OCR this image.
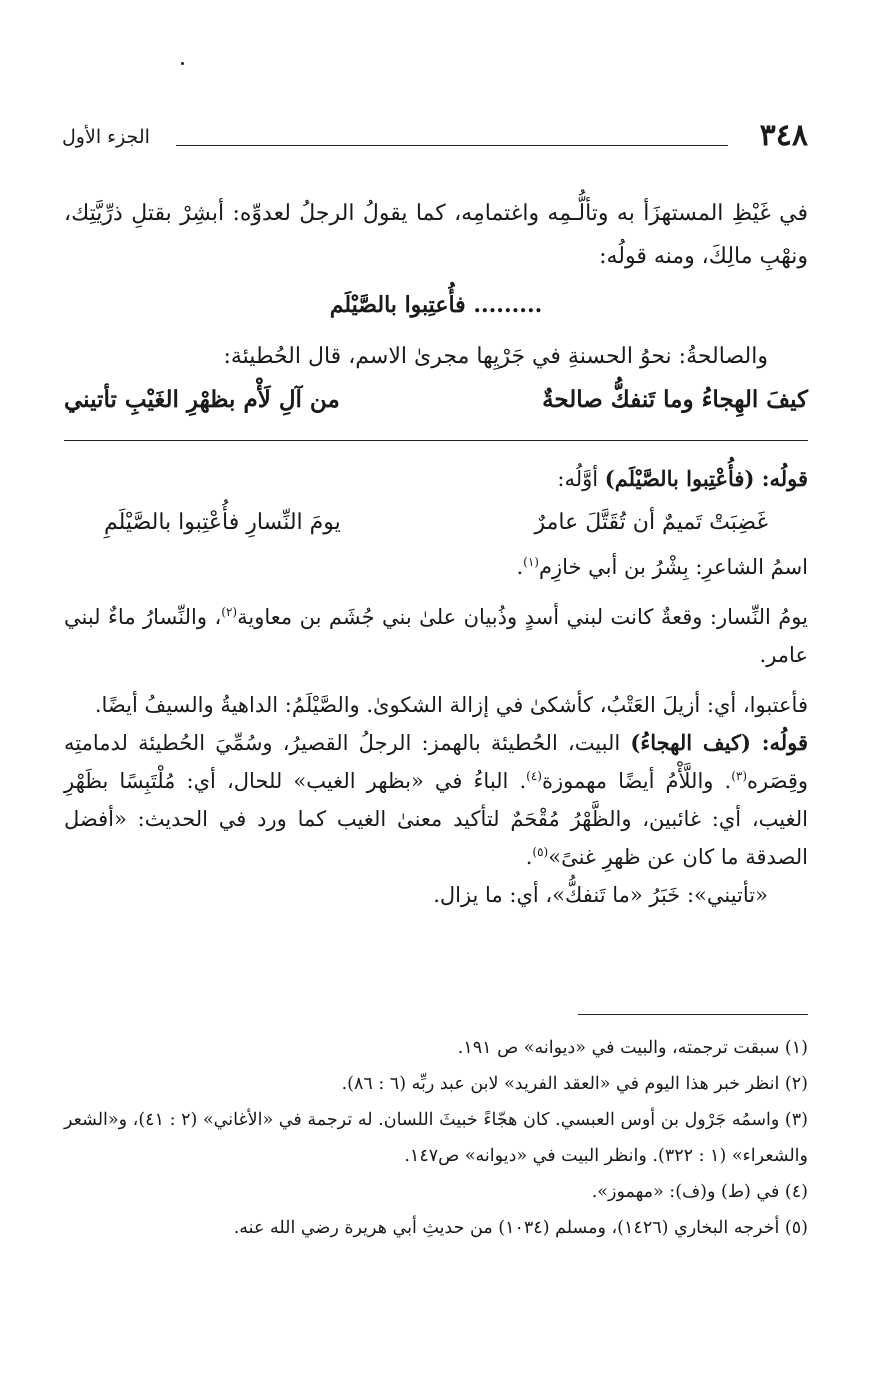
الجزء الأول	٣٤٨

في غَيْظِ المستهزَأ به وتألُّـمِه واغتمامِه، كما يقولُ الرجلُ لعدوِّه: أبشِرْ بقتلِ ذرِّيَّتِك، ونهْبِ مالِكَ، ومنه قولُه:

......... فأُعتِبوا بالصَّيْلَم

والصالحةُ: نحوُ الحسنةِ في جَرْيِها مجرىٰ الاسم، قال الحُطيئة:

كيفَ الهِجاءُ وما تَنفكُّ صالحةٌ
من آلِ لَأْم بظهْرِ الغَيْبِ تأتيني

قولُه: (فأُعْتِبوا بالصَّيْلَم) أوَّلُه:

غَضِبَتْ تَميمٌ أن تُقَتَّلَ عامرٌ
يومَ النِّسارِ فأُعْتِبوا بالصَّيْلَمِ

اسمُ الشاعرِ: بِشْرُ بن أبي خازِم$^{(١)}$.

يومُ النِّسار: وقعةٌ كانت لبني أسدٍ وذُبيان علىٰ بني جُشَم بن معاوية$^{(٢)}$، والنِّسارُ ماءٌ لبني عامر.

فأعتبوا، أي: أزيلَ العَتْبُ، كأشكىٰ في إزالة الشكوىٰ. والصَّيْلَمُ: الداهيةُ والسيفُ أيضًا.

قولُه: (كيف الهجاءُ) البيت، الحُطيئة بالهمز: الرجلُ القصيرُ، وسُمِّيَ الحُطيئة لدمامتِه وقِصَره$^{(٣)}$. واللَّأْمُ أيضًا مهموزة$^{(٤)}$. الباءُ في «بظهر الغيب» للحال، أي: مُلْتَبِسًا بظَهْرِ الغيب، أي: غائبين، والظَّهْرُ مُقْحَمٌ لتأكيد معنىٰ الغيب كما ورد في الحديث: «أفضل الصدقة ما كان عن ظهرِ غنىً»$^{(٥)}$.

«تأتيني»: خَبَرُ «ما تَنفكُّ»، أي: ما يزال.

(١) سبقت ترجمته، والبيت في «ديوانه» ص ١٩١.

(٢) انظر خبر هذا اليوم في «العقد الفريد» لابن عبد ربِّه (٦ : ٨٦).

(٣) واسمُه جَرْول بن أوس العبسي. كان هجّاءً خبيثَ اللسان. له ترجمة في «الأغاني» (٢ : ٤١)، و«الشعر والشعراء» (١ : ٣٢٢). وانظر البيت في «ديوانه» ص١٤٧.

(٤) في (ط) و(ف): «مهموز».

(٥) أخرجه البخاري (١٤٢٦)، ومسلم (١٠٣٤) من حديثِ أبي هريرة رضي الله عنه.
